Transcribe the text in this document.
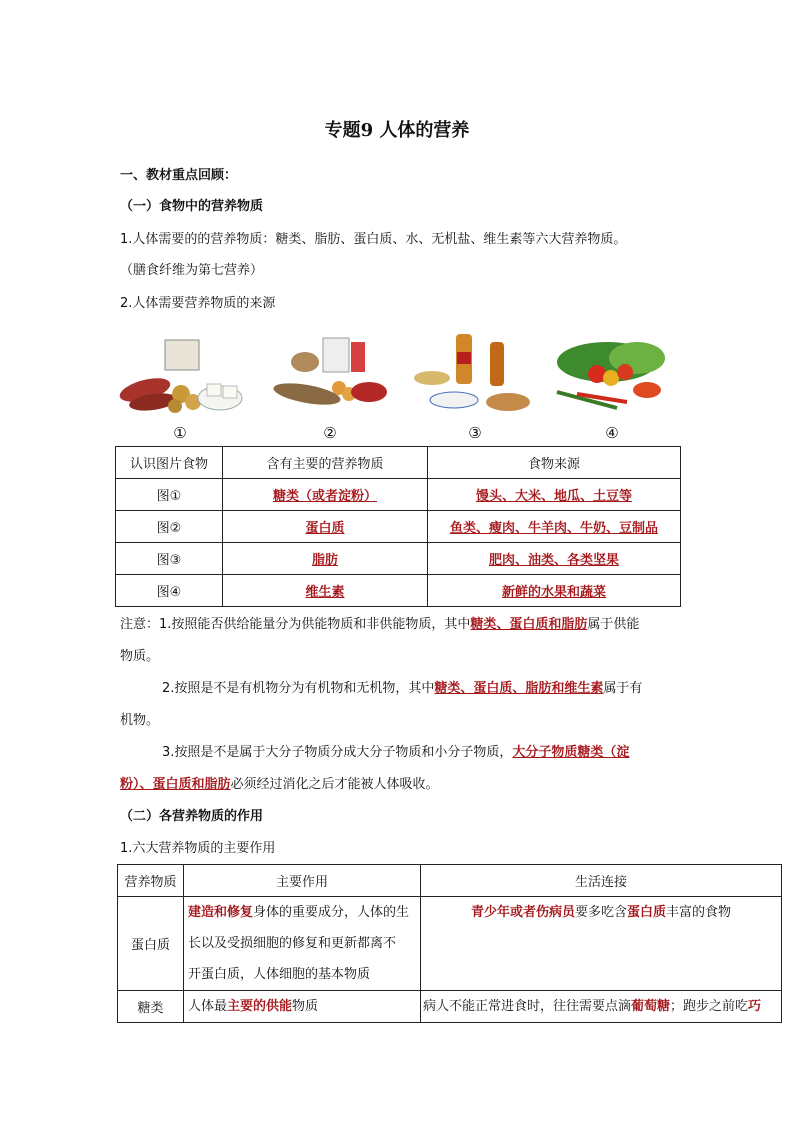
专题9 人体的营养
一、教材重点回顾：
（一）食物中的营养物质
1.人体需要的的营养物质：糖类、脂肪、蛋白质、水、无机盐、维生素等六大营养物质。
（膳食纤维为第七营养）
2.人体需要营养物质的来源
①	②	③	④
认识图片食物	含有主要的营养物质	食物来源
图①	糖类（或者淀粉）	馒头、大米、地瓜、土豆等
图②	蛋白质	鱼类、瘦肉、牛羊肉、牛奶、豆制品
图③	脂肪	肥肉、油类、各类坚果
图④	维生素	新鲜的水果和蔬菜
注意：1.按照能否供给能量分为供能物质和非供能物质，其中糖类、蛋白质和脂肪属于供能
物质。
2.按照是不是有机物分为有机物和无机物，其中糖类、蛋白质、脂肪和维生素属于有
机物。
3.按照是不是属于大分子物质分成大分子物质和小分子物质，大分子物质糖类（淀
粉）、蛋白质和脂肪必须经过消化之后才能被人体吸收。
（二）各营养物质的作用
1.六大营养物质的主要作用
营养物质	主要作用	生活连接
蛋白质	建造和修复身体的重要成分，人体的生
长以及受损细胞的修复和更新都离不
开蛋白质，人体细胞的基本物质	青少年或者伤病员要多吃含蛋白质丰富的食物
糖类	人体最主要的供能物质	病人不能正常进食时，往往需要点滴葡萄糖；跑步之前吃巧
